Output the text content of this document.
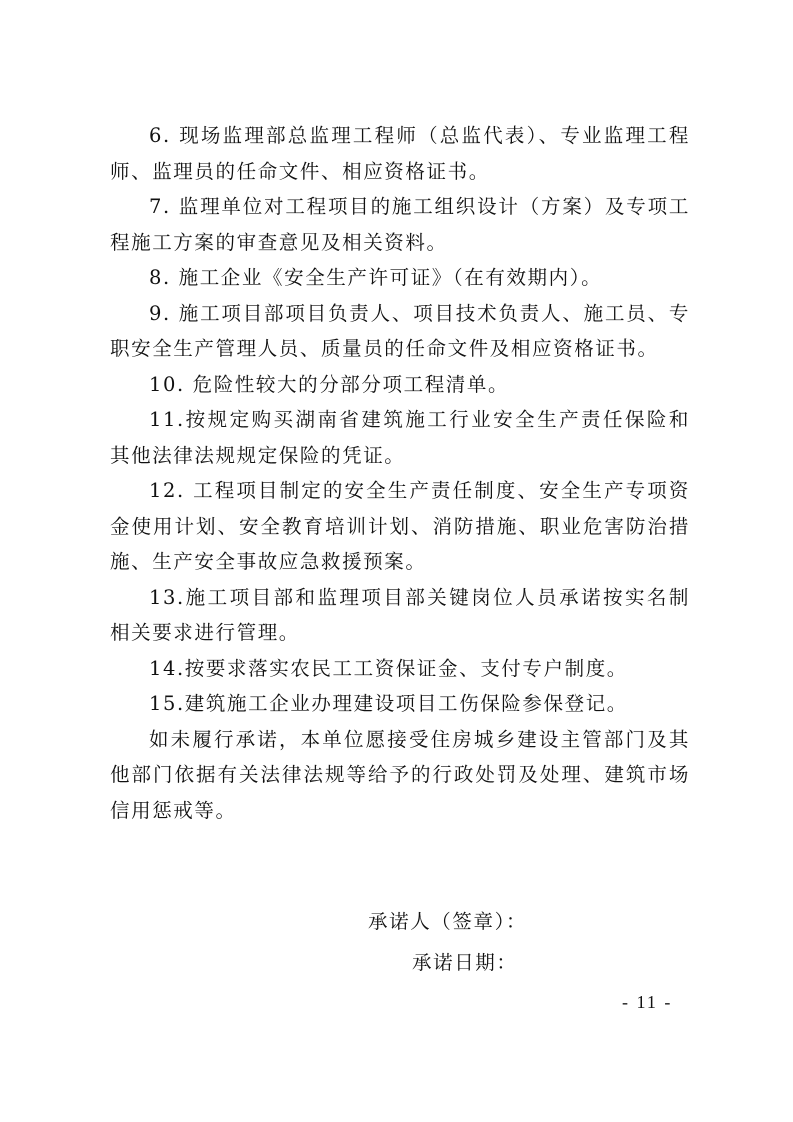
6. 现场监理部总监理工程师（总监代表）、专业监理工程师、监理员的任命文件、相应资格证书。

7. 监理单位对工程项目的施工组织设计（方案）及专项工程施工方案的审查意见及相关资料。

8. 施工企业《安全生产许可证》（在有效期内）。

9. 施工项目部项目负责人、项目技术负责人、施工员、专职安全生产管理人员、质量员的任命文件及相应资格证书。

10. 危险性较大的分部分项工程清单。

11.按规定购买湖南省建筑施工行业安全生产责任保险和其他法律法规规定保险的凭证。

12. 工程项目制定的安全生产责任制度、安全生产专项资金使用计划、安全教育培训计划、消防措施、职业危害防治措施、生产安全事故应急救援预案。

13.施工项目部和监理项目部关键岗位人员承诺按实名制相关要求进行管理。

14.按要求落实农民工工资保证金、支付专户制度。

15.建筑施工企业办理建设项目工伤保险参保登记。

如未履行承诺，本单位愿接受住房城乡建设主管部门及其他部门依据有关法律法规等给予的行政处罚及处理、建筑市场信用惩戒等。

承诺人（签章）：
承诺日期：
- 11 -
